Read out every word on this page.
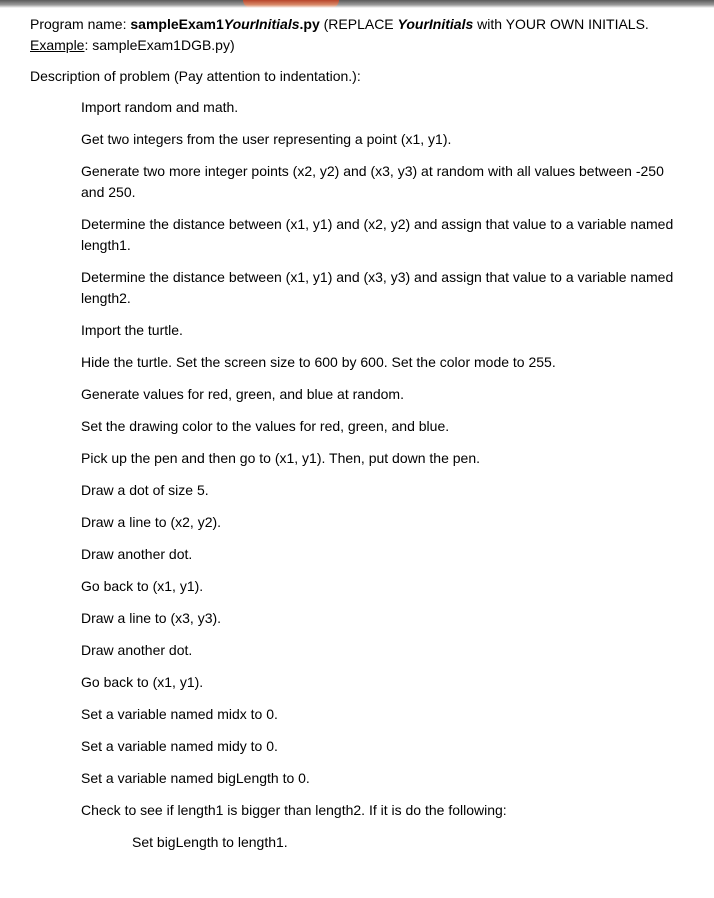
Program name: sampleExam1YourInitials.py (REPLACE YourInitials with YOUR OWN INITIALS. Example: sampleExam1DGB.py)

Description of problem (Pay attention to indentation.):

Import random and math.
Get two integers from the user representing a point (x1, y1).
Generate two more integer points (x2, y2) and (x3, y3) at random with all values between -250 and 250.
Determine the distance between (x1, y1) and (x2, y2) and assign that value to a variable named length1.
Determine the distance between (x1, y1) and (x3, y3) and assign that value to a variable named length2.
Import the turtle.
Hide the turtle. Set the screen size to 600 by 600. Set the color mode to 255.
Generate values for red, green, and blue at random.
Set the drawing color to the values for red, green, and blue.
Pick up the pen and then go to (x1, y1). Then, put down the pen.
Draw a dot of size 5.
Draw a line to (x2, y2).
Draw another dot.
Go back to (x1, y1).
Draw a line to (x3, y3).
Draw another dot.
Go back to (x1, y1).
Set a variable named midx to 0.
Set a variable named midy to 0.
Set a variable named bigLength to 0.
Check to see if length1 is bigger than length2. If it is do the following:
Set bigLength to length1.
